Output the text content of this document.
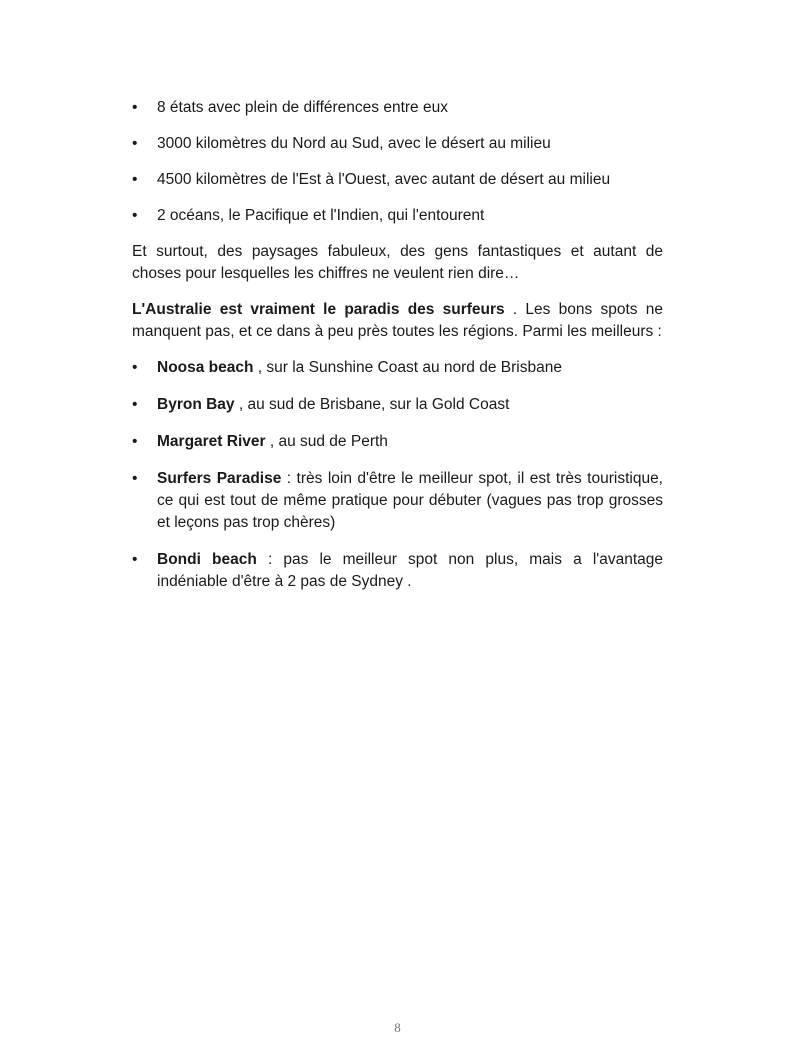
•	8 états avec plein de différences entre eux
•	3000 kilomètres du Nord au Sud, avec le désert au milieu
•	4500 kilomètres de l'Est à l'Ouest, avec autant de désert au milieu
•	2 océans, le Pacifique et l'Indien, qui l'entourent

Et surtout, des paysages fabuleux, des gens fantastiques et autant de choses pour lesquelles les chiffres ne veulent rien dire…

L'Australie est vraiment le paradis des surfeurs . Les bons spots ne manquent pas, et ce dans à peu près toutes les régions. Parmi les meilleurs :

•	Noosa beach , sur la Sunshine Coast au nord de Brisbane
•	Byron Bay , au sud de Brisbane, sur la Gold Coast
•	Margaret River , au sud de Perth
•	Surfers Paradise : très loin d'être le meilleur spot, il est très touristique, ce qui est tout de même pratique pour débuter (vagues pas trop grosses et leçons pas trop chères)
•	Bondi beach : pas le meilleur spot non plus, mais a l'avantage indéniable d'être à 2 pas de Sydney .
8
